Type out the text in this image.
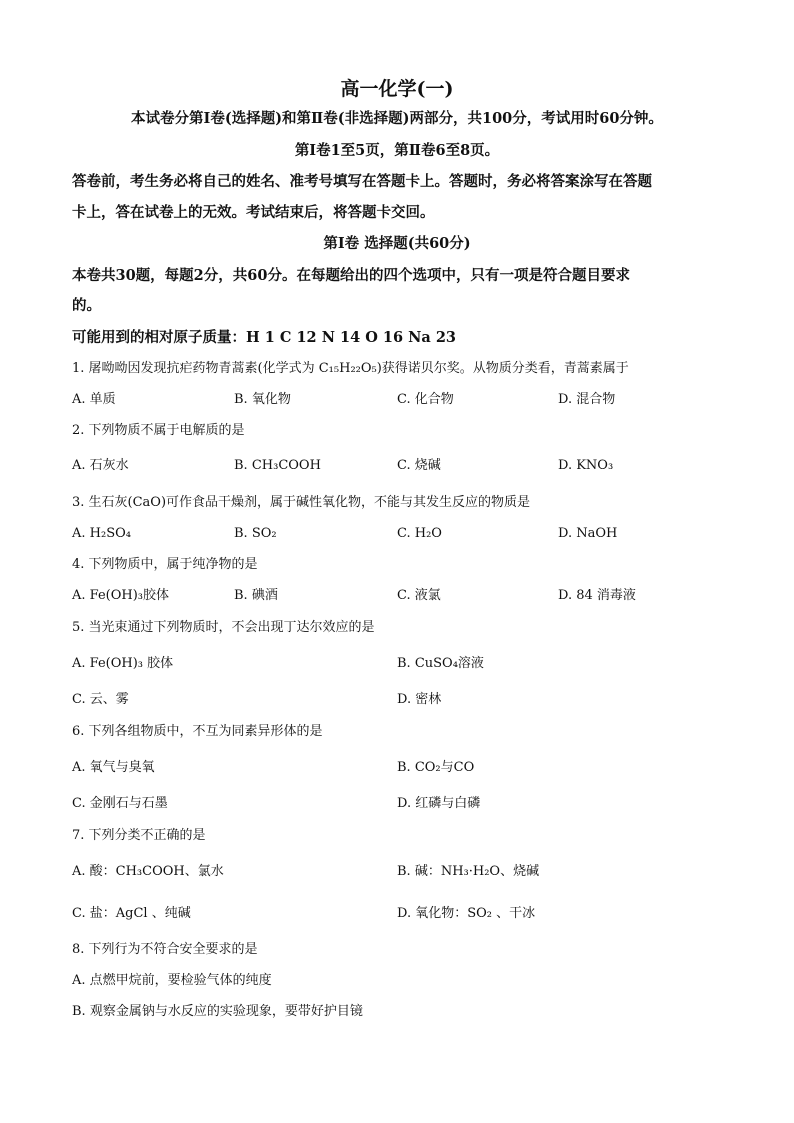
高一化学(一)
本试卷分第Ⅰ卷(选择题)和第Ⅱ卷(非选择题)两部分，共100分，考试用时60分钟。
第Ⅰ卷1至5页，第Ⅱ卷6至8页。
答卷前，考生务必将自己的姓名、准考号填写在答题卡上。答题时，务必将答案涂写在答题
卡上，答在试卷上的无效。考试结束后，将答题卡交回。
第Ⅰ卷 选择题(共60分)
本卷共30题，每题2分，共60分。在每题给出的四个选项中，只有一项是符合题目要求
的。
可能用到的相对原子质量：H 1 C 12 N 14 O 16 Na 23
1. 屠呦呦因发现抗疟药物青蒿素(化学式为 C₁₅H₂₂O₅)获得诺贝尔奖。从物质分类看，青蒿素属于
A. 单质	B. 氧化物	C. 化合物	D. 混合物
2. 下列物质不属于电解质的是
A. 石灰水	B. CH₃COOH	C. 烧碱	D. KNO₃
3. 生石灰(CaO)可作食品干燥剂，属于碱性氧化物，不能与其发生反应的物质是
A. H₂SO₄	B. SO₂	C. H₂O	D. NaOH
4. 下列物质中，属于纯净物的是
A. Fe(OH)₃胶体	B. 碘酒	C. 液氯	D. 84 消毒液
5. 当光束通过下列物质时，不会出现丁达尔效应的是
A. Fe(OH)₃ 胶体	B. CuSO₄溶液
C. 云、雾	D. 密林
6. 下列各组物质中，不互为同素异形体的是
A. 氧气与臭氧	B. CO₂与CO
C. 金刚石与石墨	D. 红磷与白磷
7. 下列分类不正确的是
A. 酸：CH₃COOH、氯水	B. 碱：NH₃·H₂O、烧碱
C. 盐：AgCl 、纯碱	D. 氧化物：SO₂ 、干冰
8. 下列行为不符合安全要求的是
A. 点燃甲烷前，要检验气体的纯度
B. 观察金属钠与水反应的实验现象，要带好护目镜
